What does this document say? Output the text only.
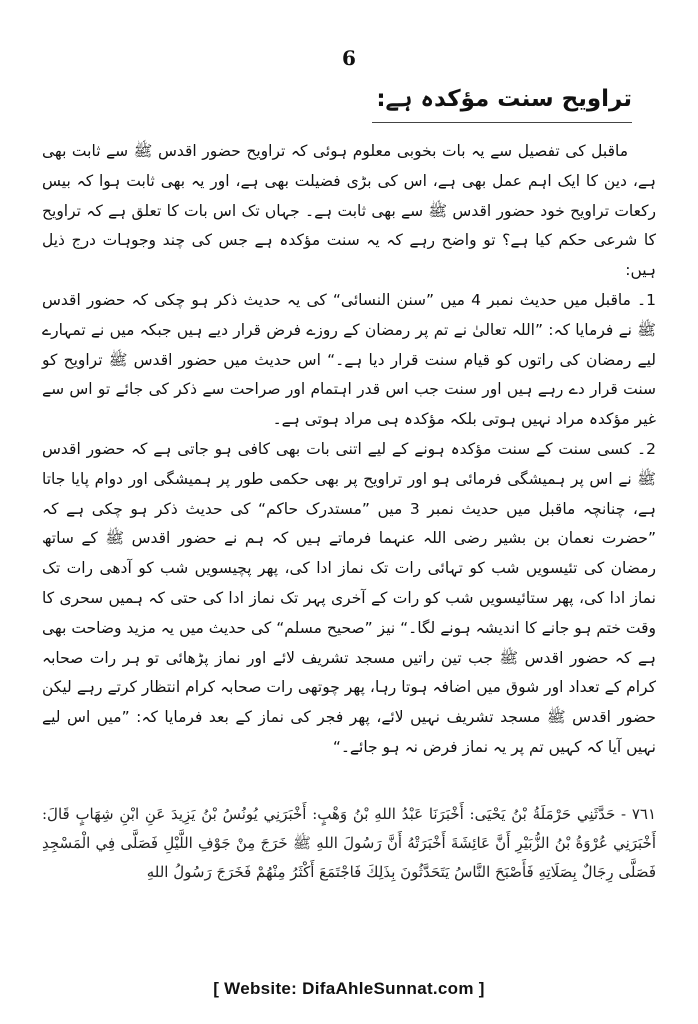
6
تراویح سنت مؤکدہ ہے:

ماقبل کی تفصیل سے یہ بات بخوبی معلوم ہوئی کہ تراویح حضور اقدس ﷺ سے ثابت بھی ہے، دین کا ایک اہم عمل بھی ہے، اس کی بڑی فضیلت بھی ہے، اور یہ بھی ثابت ہوا کہ بیس رکعات تراویح خود حضور اقدس ﷺ سے بھی ثابت ہے۔ جہاں تک اس بات کا تعلق ہے کہ تراویح کا شرعی حکم کیا ہے؟ تو واضح رہے کہ یہ سنت مؤکدہ ہے جس کی چند وجوہات درج ذیل ہیں:

1۔ ماقبل میں حدیث نمبر 4 میں ”سنن النسائی“ کی یہ حدیث ذکر ہو چکی کہ حضور اقدس ﷺ نے فرمایا کہ: ”اللہ تعالیٰ نے تم پر رمضان کے روزے فرض قرار دیے ہیں جبکہ میں نے تمہارے لیے رمضان کی راتوں کو قیام سنت قرار دیا ہے۔“ اس حدیث میں حضور اقدس ﷺ تراویح کو سنت قرار دے رہے ہیں اور سنت جب اس قدر اہتمام اور صراحت سے ذکر کی جائے تو اس سے غیر مؤکدہ مراد نہیں ہوتی بلکہ مؤکدہ ہی مراد ہوتی ہے۔

2۔ کسی سنت کے سنت مؤکدہ ہونے کے لیے اتنی بات بھی کافی ہو جاتی ہے کہ حضور اقدس ﷺ نے اس پر ہمیشگی فرمائی ہو اور تراویح پر بھی حکمی طور پر ہمیشگی اور دوام پایا جاتا ہے، چنانچہ ماقبل میں حدیث نمبر 3 میں ”مستدرک حاکم“ کی حدیث ذکر ہو چکی ہے کہ ”حضرت نعمان بن بشیر رضی اللہ عنہما فرماتے ہیں کہ ہم نے حضور اقدس ﷺ کے ساتھ رمضان کی تئیسویں شب کو تہائی رات تک نماز ادا کی، پھر پچیسویں شب کو آدھی رات تک نماز ادا کی، پھر ستائیسویں شب کو رات کے آخری پہر تک نماز ادا کی حتی کہ ہمیں سحری کا وقت ختم ہو جانے کا اندیشہ ہونے لگا۔“ نیز ”صحیح مسلم“ کی حدیث میں یہ مزید وضاحت بھی ہے کہ حضور اقدس ﷺ جب تین راتیں مسجد تشریف لائے اور نماز پڑھائی تو ہر رات صحابہ کرام کے تعداد اور شوق میں اضافہ ہوتا رہا، پھر چوتھی رات صحابہ کرام انتظار کرتے رہے لیکن حضور اقدس ﷺ مسجد تشریف نہیں لائے، پھر فجر کی نماز کے بعد فرمایا کہ: ”میں اس لیے نہیں آیا کہ کہیں تم پر یہ نماز فرض نہ ہو جائے۔“

٧٦١ - حَدَّثَنِي حَرْمَلَةُ بْنُ يَحْيَى: أَخْبَرَنَا عَبْدُ اللهِ بْنُ وَهْبٍ: أَخْبَرَنِي يُونُسُ بْنُ يَزِيدَ عَنِ ابْنِ شِهَابٍ قَالَ: أَخْبَرَنِي عُرْوَةُ بْنُ الزُّبَيْرِ أَنَّ عَائِشَةَ أَخْبَرَتْهُ أَنَّ رَسُولَ اللهِ ﷺ خَرَجَ مِنْ جَوْفِ اللَّيْلِ فَصَلَّى فِي الْمَسْجِدِ فَصَلَّى رِجَالٌ بِصَلَاتِهِ فَأَصْبَحَ النَّاسُ يَتَحَدَّثُونَ بِذَلِكَ فَاجْتَمَعَ أَكْثَرُ مِنْهُمْ فَخَرَجَ رَسُولُ اللهِ
[ Website: DifaAhleSunnat.com ]
